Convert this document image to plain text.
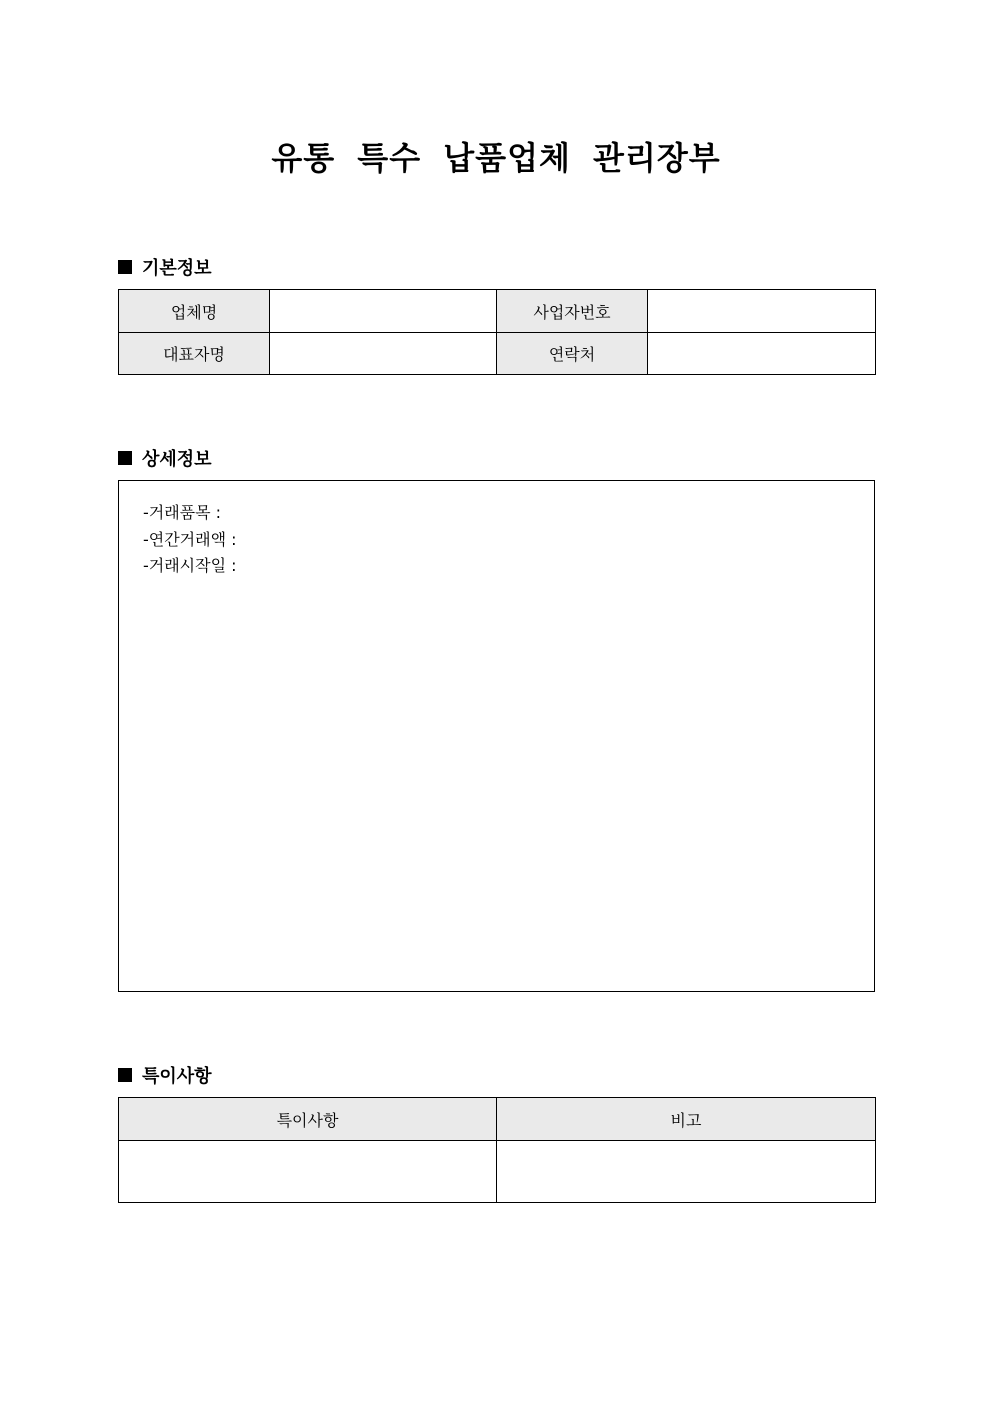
유통 특수 납품업체 관리장부
기본정보
업체명		사업자번호	
대표자명		연락처	
상세정보
-거래품목 :
-연간거래액 :
-거래시작일 :
특이사항
특이사항	비고
